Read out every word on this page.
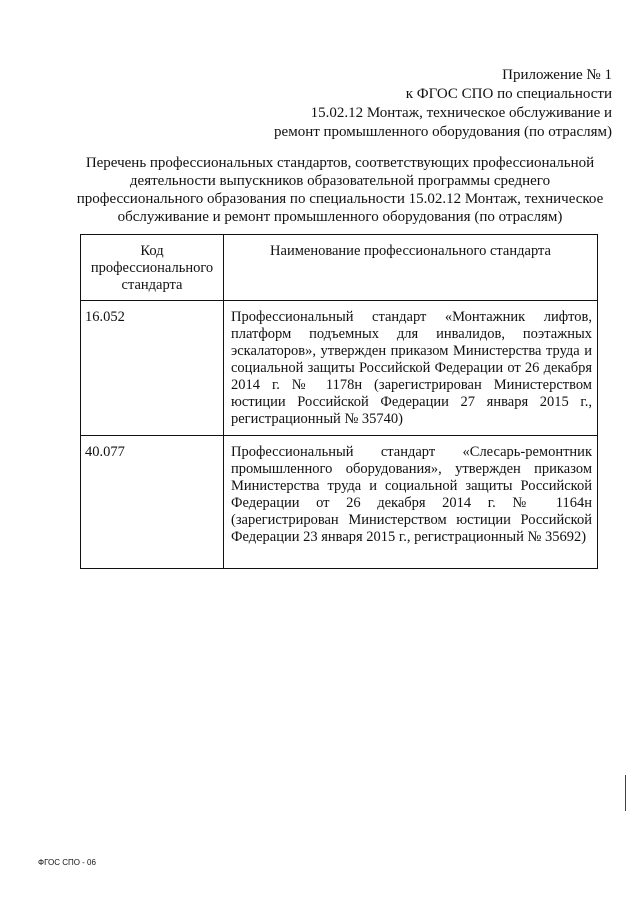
Приложение № 1
к ФГОС СПО по специальности
15.02.12 Монтаж, техническое обслуживание и
ремонт промышленного оборудования (по отраслям)
Перечень профессиональных стандартов, соответствующих профессиональной
деятельности выпускников образовательной программы среднего
профессионального образования по специальности 15.02.12 Монтаж, техническое
обслуживание и ремонт промышленного оборудования (по отраслям)
Код
профессионального
стандарта	Наименование профессионального стандарта
16.052	Профессиональный стандарт «Монтажник лифтов, платформ подъемных для инвалидов, поэтажных эскалаторов», утвержден приказом Министерства труда и социальной защиты Российской Федерации от 26 декабря 2014 г. № 1178н (зарегистрирован Министерством юстиции Российской Федерации 27 января 2015 г., регистрационный № 35740)
40.077	Профессиональный стандарт «Слесарь-ремонтник промышленного оборудования», утвержден приказом Министерства труда и социальной защиты Российской Федерации от 26 декабря 2014 г. № 1164н (зарегистрирован Министерством юстиции Российской Федерации 23 января 2015 г., регистрационный № 35692)
ФГОС СПО - 06
